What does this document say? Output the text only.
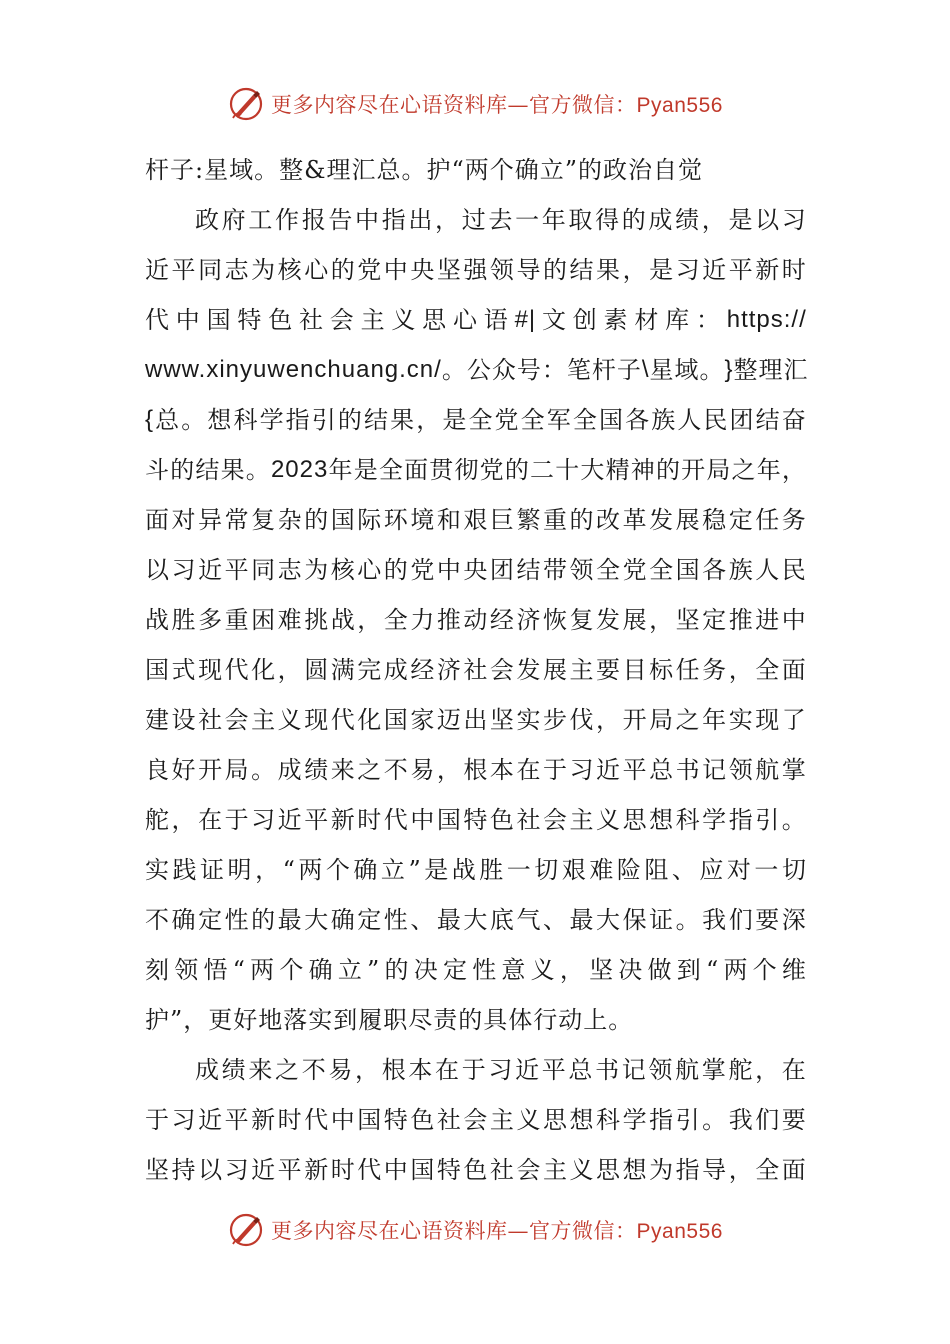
更多内容尽在心语资料库—官方微信：Pyan556
杆子:星域。整&理汇总。护“两个确立”的政治自觉
政 府 工 作 报 告 中 指 出 ， 过 去 一 年 取 得 的 成 绩 ， 是 以 习
近 平 同 志 为 核 心 的 党 中 央 坚 强 领 导 的 结 果 ， 是 习 近 平 新 时
代 中 国 特 色 社 会 主 义 思 心 语 #| 文 创 素 材 库 ： https://
www.xinyuwenchuang.cn/ 。 公 众 号 ： 笔 杆 子 \ 星 域 。 } 整 理 汇
{ 总 。 想 科 学 指 引 的 结 果 ， 是 全 党 全 军 全 国 各 族 人 民 团 结 奋
斗 的 结 果 。 2023 年 是 全 面 贯 彻 党 的 二 十 大 精 神 的 开 局 之 年 ，
面 对 异 常 复 杂 的 国 际 环 境 和 艰 巨 繁 重 的 改 革 发 展 稳 定 任 务
以 习 近 平 同 志 为 核 心 的 党 中 央 团 结 带 领 全 党 全 国 各 族 人 民
战 胜 多 重 困 难 挑 战 ， 全 力 推 动 经 济 恢 复 发 展 ， 坚 定 推 进 中
国 式 现 代 化 ， 圆 满 完 成 经 济 社 会 发 展 主 要 目 标 任 务 ， 全 面
建 设 社 会 主 义 现 代 化 国 家 迈 出 坚 实 步 伐 ， 开 局 之 年 实 现 了
良 好 开 局 。 成 绩 来 之 不 易 ， 根 本 在 于 习 近 平 总 书 记 领 航 掌
舵 ， 在 于 习 近 平 新 时 代 中 国 特 色 社 会 主 义 思 想 科 学 指 引 。
实 践 证 明 ， “ 两 个 确 立 ” 是 战 胜 一 切 艰 难 险 阻 、 应 对 一 切
不 确 定 性 的 最 大 确 定 性 、 最 大 底 气 、 最 大 保 证 。 我 们 要 深
刻 领 悟 “ 两 个 确 立 ” 的 决 定 性 意 义 ， 坚 决 做 到 “ 两 个 维
护”，更好地落实到履职尽责的具体行动上。
成 绩 来 之 不 易 ， 根 本 在 于 习 近 平 总 书 记 领 航 掌 舵 ， 在
于 习 近 平 新 时 代 中 国 特 色 社 会 主 义 思 想 科 学 指 引 。 我 们 要
坚 持 以 习 近 平 新 时 代 中 国 特 色 社 会 主 义 思 想 为 指 导 ， 全 面
更多内容尽在心语资料库—官方微信：Pyan556
